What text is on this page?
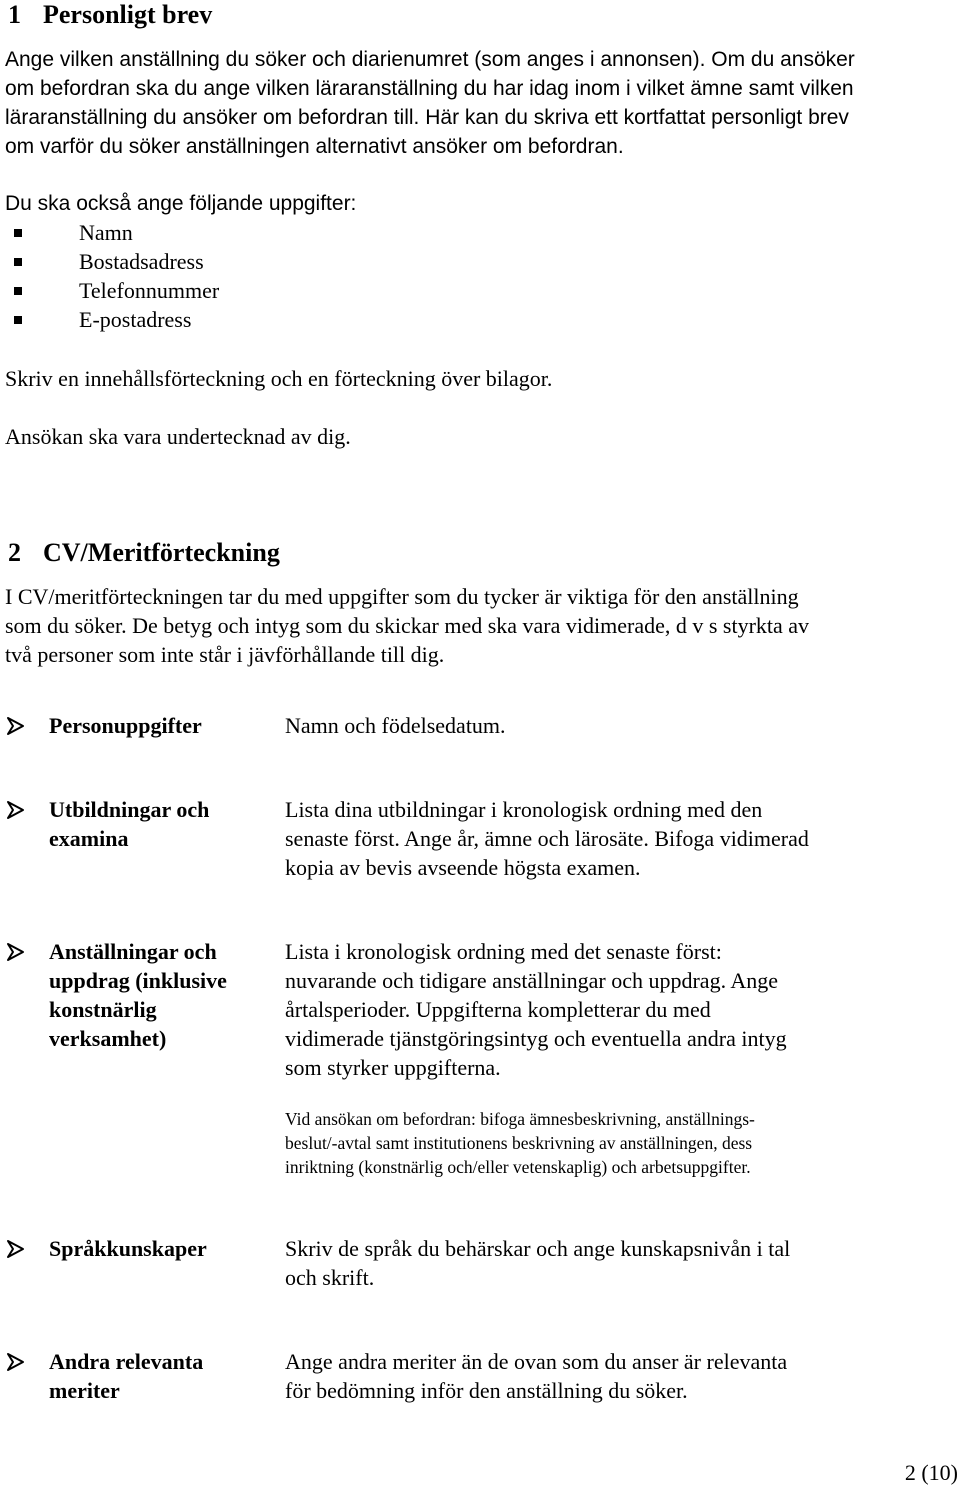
1 Personligt brev
Ange vilken anställning du söker och diarienumret (som anges i annonsen). Om du ansöker
om befordran ska du ange vilken läraranställning du har idag inom i vilket ämne samt vilken
läraranställning du ansöker om befordran till. Här kan du skriva ett kortfattat personligt brev
om varför du söker anställningen alternativt ansöker om befordran.
Du ska också ange följande uppgifter:
Namn
Bostadsadress
Telefonnummer
E-postadress
Skriv en innehållsförteckning och en förteckning över bilagor.
Ansökan ska vara undertecknad av dig.
2 CV/Meritförteckning
I CV/meritförteckningen tar du med uppgifter som du tycker är viktiga för den anställning
som du söker. De betyg och intyg som du skickar med ska vara vidimerade, d v s styrkta av
två personer som inte står i jävförhållande till dig.
Personuppgifter	Namn och födelsedatum.
Utbildningar och
examina
Lista dina utbildningar i kronologisk ordning med den
senaste först. Ange år, ämne och lärosäte. Bifoga vidimerad
kopia av bevis avseende högsta examen.
Anställningar och
uppdrag (inklusive
konstnärlig
verksamhet)
Lista i kronologisk ordning med det senaste först:
nuvarande och tidigare anställningar och uppdrag. Ange
årtalsperioder. Uppgifterna kompletterar du med
vidimerade tjänstgöringsintyg och eventuella andra intyg
som styrker uppgifterna.
Vid ansökan om befordran: bifoga ämnesbeskrivning, anställnings-
beslut/-avtal samt institutionens beskrivning av anställningen, dess
inriktning (konstnärlig och/eller vetenskaplig) och arbetsuppgifter.
Språkkunskaper	Skriv de språk du behärskar och ange kunskapsnivån i tal
och skrift.
Andra relevanta
meriter
Ange andra meriter än de ovan som du anser är relevanta
för bedömning inför den anställning du söker.
2 (10)
